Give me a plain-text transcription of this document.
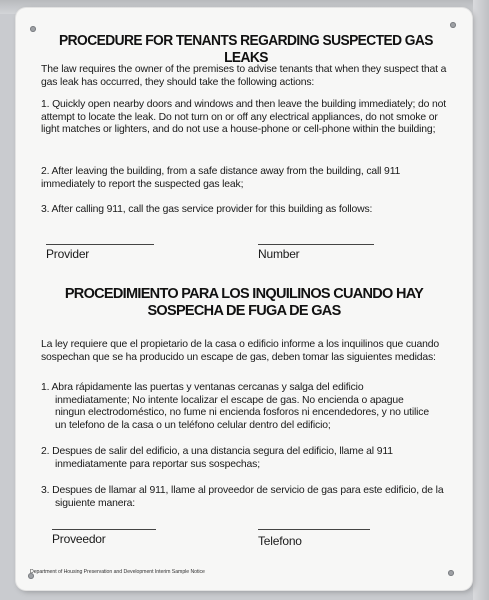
PROCEDURE FOR TENANTS REGARDING SUSPECTED GAS LEAKS

The law requires the owner of the premises to advise tenants that when they suspect that a gas leak has occurred, they should take the following actions:

1. Quickly open nearby doors and windows and then leave the building immediately; do not attempt to locate the leak. Do not turn on or off any electrical appliances, do not smoke or light matches or lighters, and do not use a house-phone or cell-phone within the building;

2. After leaving the building, from a safe distance away from the building, call 911 immediately to report the suspected gas leak;

3. After calling 911, call the gas service provider for this building as follows:

Provider	Number

PROCEDIMIENTO PARA LOS INQUILINOS CUANDO HAY SOSPECHA DE FUGA DE GAS

La ley requiere que el propietario de la casa o edificio informe a los inquilinos que cuando sospechan que se ha producido un escape de gas, deben tomar las siguientes medidas:

1. Abra rápidamente las puertas y ventanas cercanas y salga del edificio inmediatamente; No intente localizar el escape de gas. No encienda o apague ningun electrodoméstico, no fume ni encienda fosforos ni encendedores, y no utilice un telefono de la casa o un teléfono celular dentro del edificio;

2. Despues de salir del edificio, a una distancia segura del edificio, llame al 911 inmediatamente para reportar sus sospechas;

3. Despues de llamar al 911, llame al proveedor de servicio de gas para este edificio, de la siguiente manera:

Proveedor	Telefono

Department of Housing Preservation and Development Interim Sample Notice
